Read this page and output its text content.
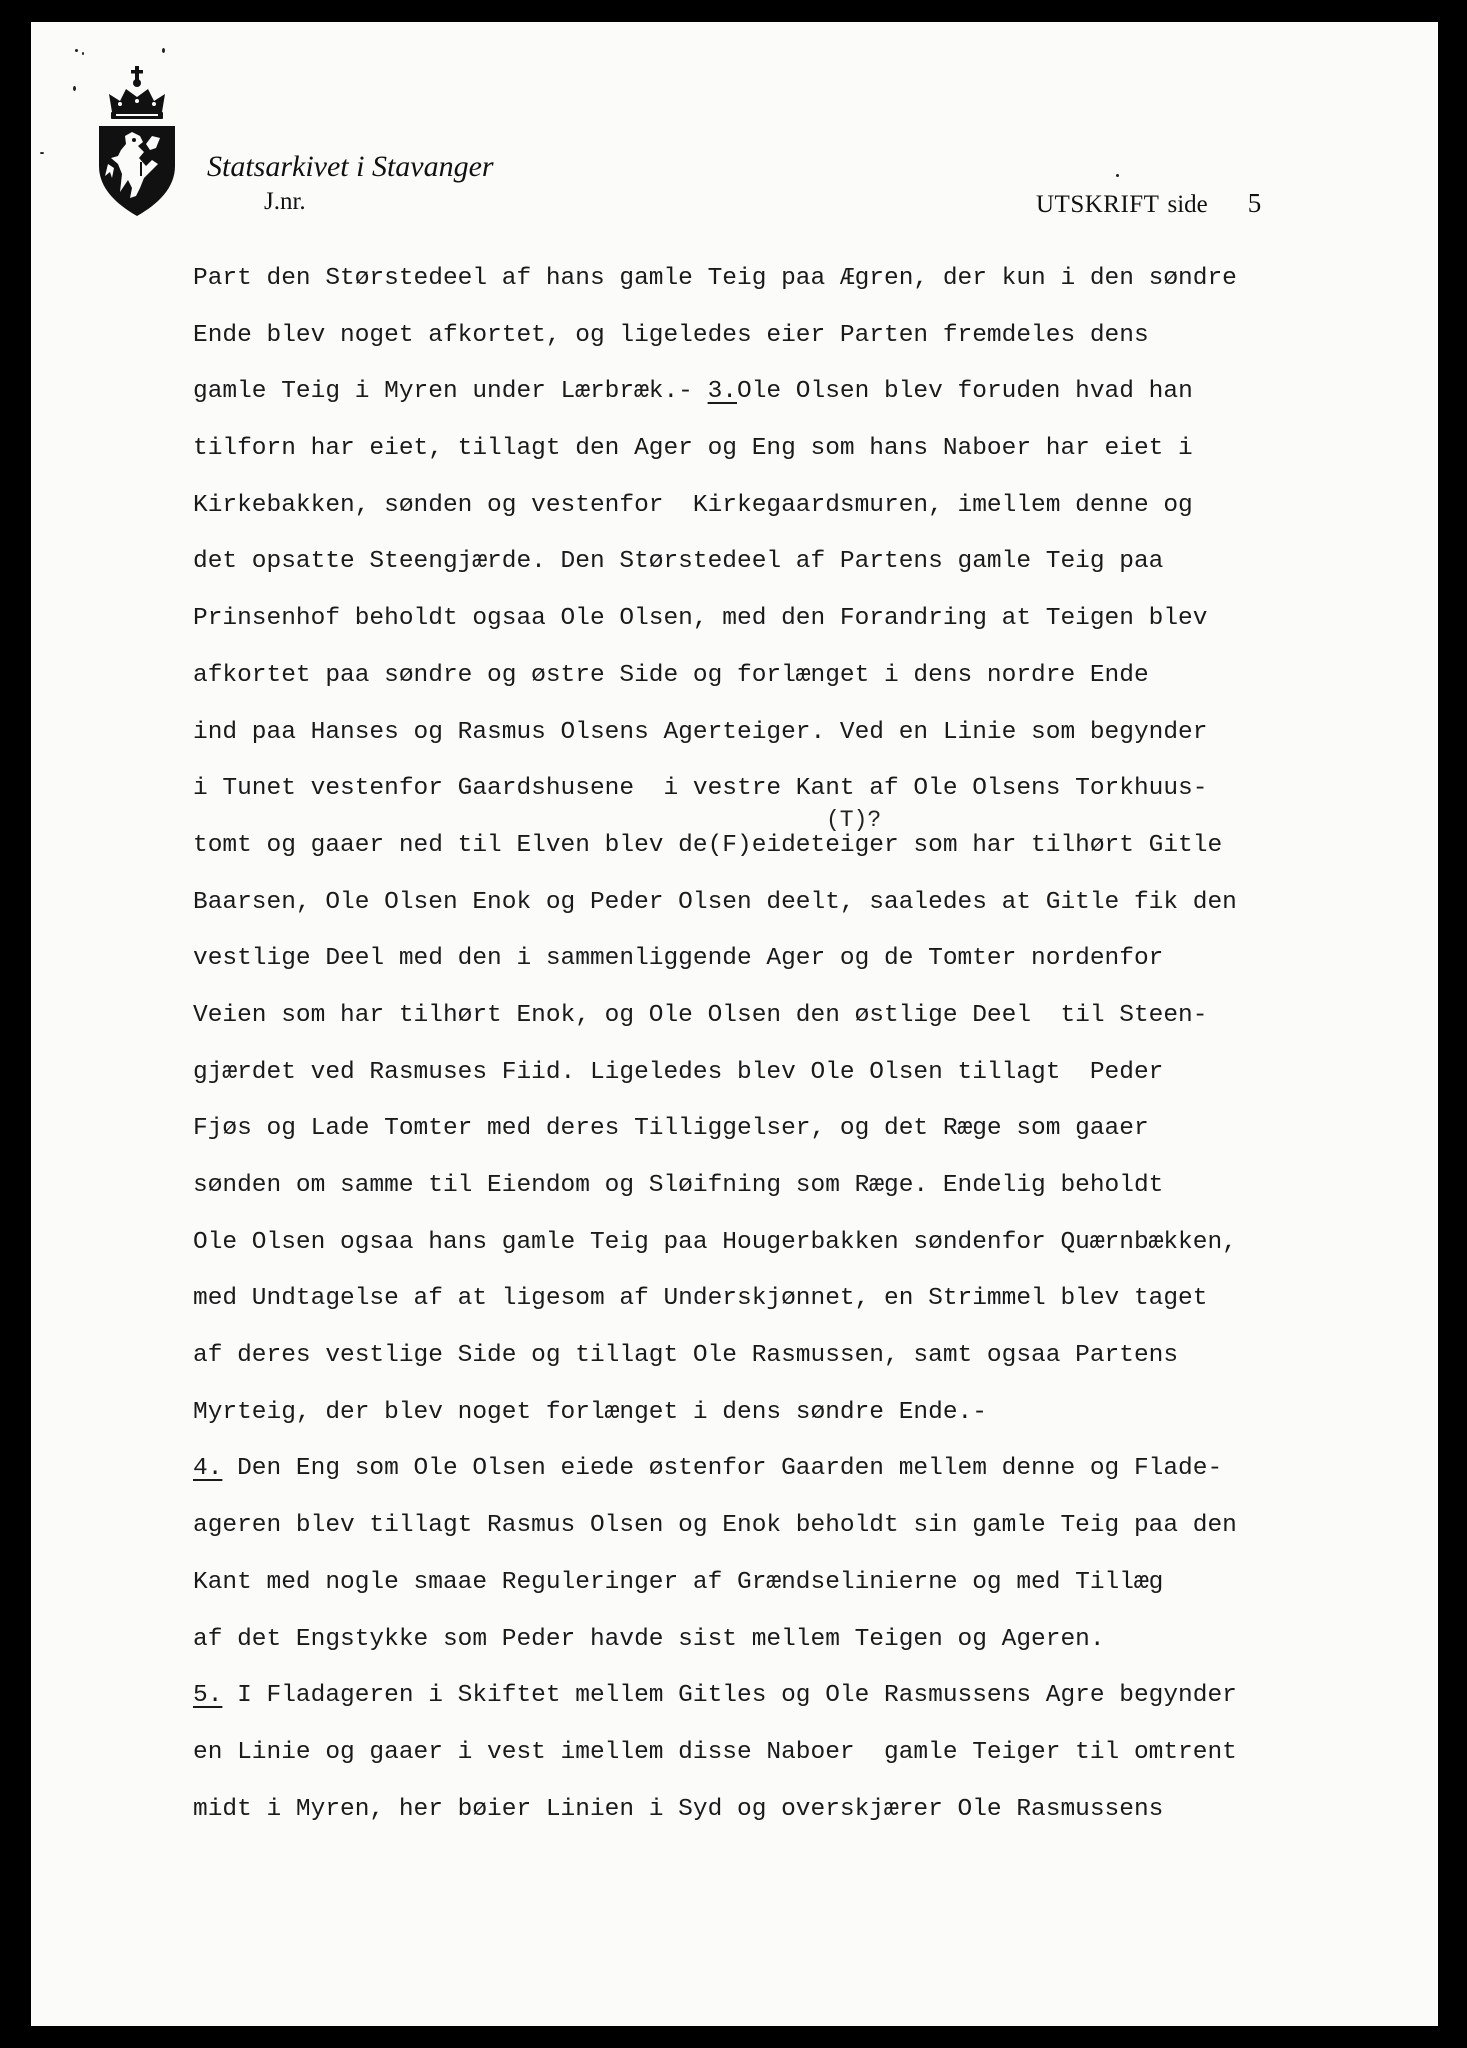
Statsarkivet i Stavanger
J.nr.	UTSKRIFT side 5
Part den Størstedeel af hans gamle Teig paa Ægren, der kun i den søndre
Ende blev noget afkortet, og ligeledes eier Parten fremdeles dens
gamle Teig i Myren under Lærbræk.- 3.Ole Olsen blev foruden hvad han
tilforn har eiet, tillagt den Ager og Eng som hans Naboer har eiet i
Kirkebakken, sønden og vestenfor  Kirkegaardsmuren, imellem denne og
det opsatte Steengjærde. Den Størstedeel af Partens gamle Teig paa
Prinsenhof beholdt ogsaa Ole Olsen, med den Forandring at Teigen blev
afkortet paa søndre og østre Side og forlænget i dens nordre Ende
ind paa Hanses og Rasmus Olsens Agerteiger. Ved en Linie som begynder
i Tunet vestenfor Gaardshusene  i vestre Kant af Ole Olsens Torkhuus-
(T)?
tomt og gaaer ned til Elven blev de(F)eideteiger som har tilhørt Gitle
Baarsen, Ole Olsen Enok og Peder Olsen deelt, saaledes at Gitle fik den
vestlige Deel med den i sammenliggende Ager og de Tomter nordenfor
Veien som har tilhørt Enok, og Ole Olsen den østlige Deel  til Steen-
gjærdet ved Rasmuses Fiid. Ligeledes blev Ole Olsen tillagt  Peder
Fjøs og Lade Tomter med deres Tilliggelser, og det Ræge som gaaer
sønden om samme til Eiendom og Sløifning som Ræge. Endelig beholdt
Ole Olsen ogsaa hans gamle Teig paa Hougerbakken søndenfor Quærnbækken,
med Undtagelse af at ligesom af Underskjønnet, en Strimmel blev taget
af deres vestlige Side og tillagt Ole Rasmussen, samt ogsaa Partens
Myrteig, der blev noget forlænget i dens søndre Ende.-
4. Den Eng som Ole Olsen eiede østenfor Gaarden mellem denne og Flade-
ageren blev tillagt Rasmus Olsen og Enok beholdt sin gamle Teig paa den
Kant med nogle smaae Reguleringer af Grændselinierne og med Tillæg
af det Engstykke som Peder havde sist mellem Teigen og Ageren.
5. I Fladageren i Skiftet mellem Gitles og Ole Rasmussens Agre begynder
en Linie og gaaer i vest imellem disse Naboer  gamle Teiger til omtrent
midt i Myren, her bøier Linien i Syd og overskjærer Ole Rasmussens
